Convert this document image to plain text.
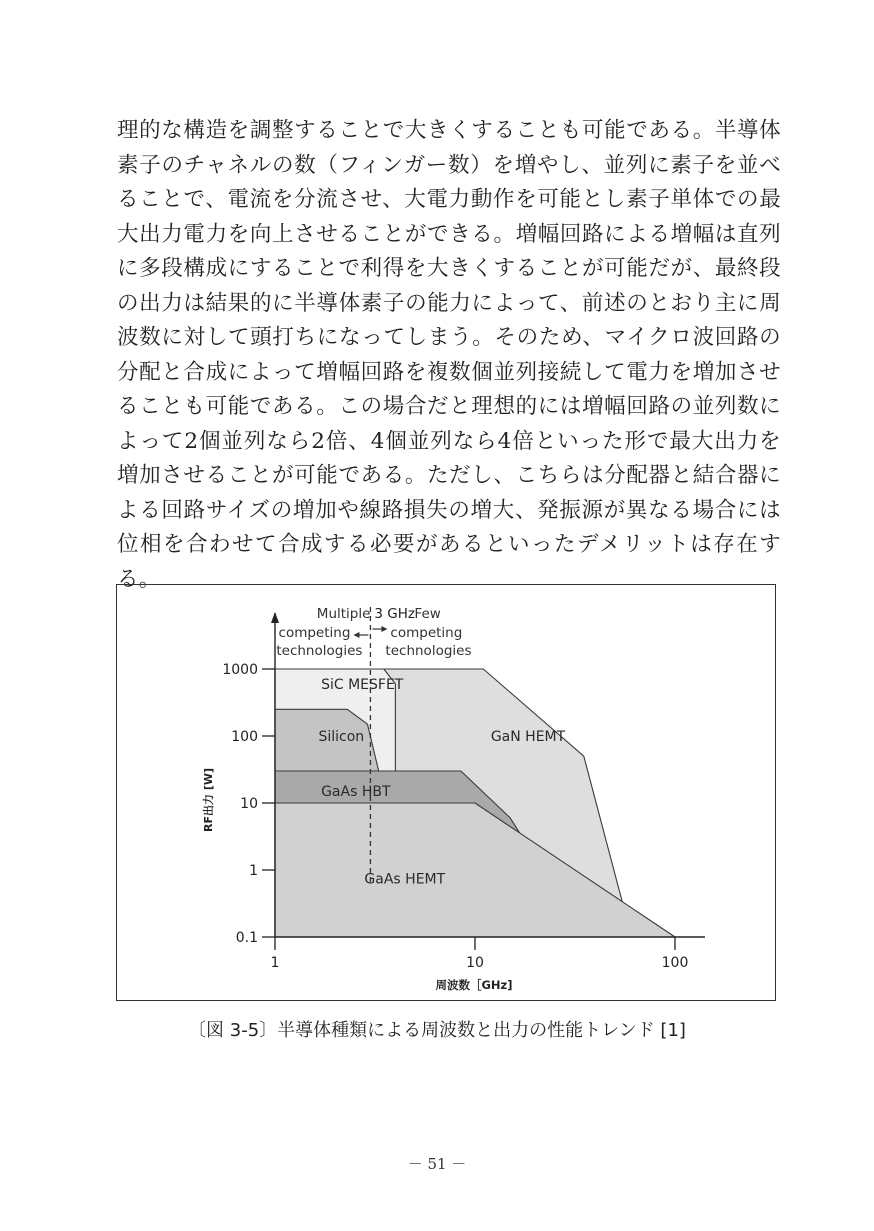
理的な構造を調整することで大きくすることも可能である。半導体素子のチャネルの数（フィンガー数）を増やし、並列に素子を並べることで、電流を分流させ、大電力動作を可能とし素子単体での最大出力電力を向上させることができる。増幅回路による増幅は直列に多段構成にすることで利得を大きくすることが可能だが、最終段の出力は結果的に半導体素子の能力によって、前述のとおり主に周波数に対して頭打ちになってしまう。そのため、マイクロ波回路の分配と合成によって増幅回路を複数個並列接続して電力を増加させることも可能である。この場合だと理想的には増幅回路の並列数によって2個並列なら2倍、4個並列なら4倍といった形で最大出力を増加させることが可能である。ただし、こちらは分配器と結合器による回路サイズの増加や線路損失の増大、発振源が異なる場合には位相を合わせて合成する必要があるといったデメリットは存在する。

1000
100
10
1
0.1
1	10	100
Multiple	Few
3 GHz
competing	competing
technologies technologies
GaN HEMT
SiC MESFET
Silicon
GaAs HBT
GaAs HEMT
RF出力 [W]
周波数［GHz]
〔図 3-5〕半導体種類による周波数と出力の性能トレンド [1]
－ 51 －
